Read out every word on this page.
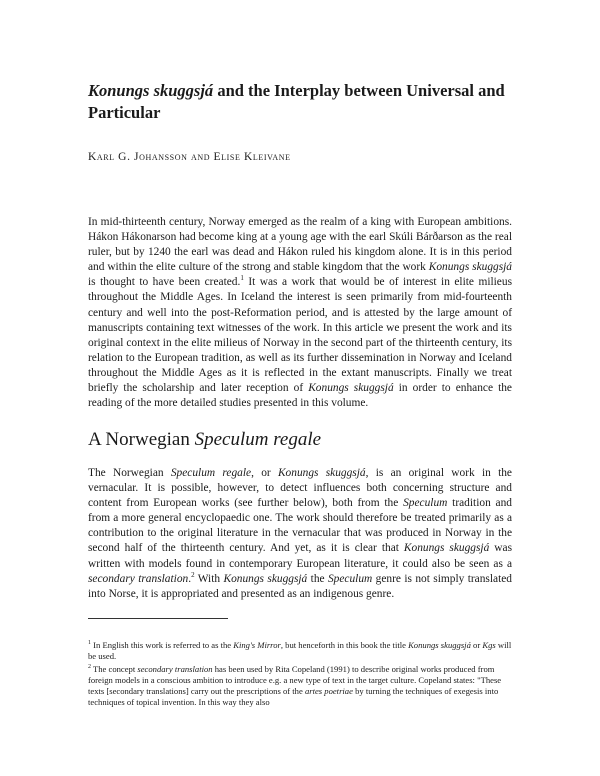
Konungs skuggsjá and the Interplay between Universal and Particular

Karl G. Johansson and Elise Kleivane

In mid-thirteenth century, Norway emerged as the realm of a king with European ambitions. Hákon Hákonarson had become king at a young age with the earl Skúli Bárðarson as the real ruler, but by 1240 the earl was dead and Hákon ruled his kingdom alone. It is in this period and within the elite culture of the strong and stable kingdom that the work Konungs skuggsjá is thought to have been created.$^1$ It was a work that would be of interest in elite milieus throughout the Middle Ages. In Iceland the interest is seen primarily from mid-fourteenth century and well into the post-Reformation period, and is attested by the large amount of manuscripts containing text witnesses of the work. In this article we present the work and its original context in the elite milieus of Norway in the second part of the thirteenth century, its relation to the European tradition, as well as its further dissemination in Norway and Iceland throughout the Middle Ages as it is reflected in the extant manuscripts. Finally we treat briefly the scholarship and later reception of Konungs skuggsjá in order to enhance the reading of the more detailed studies presented in this volume.

A Norwegian Speculum regale

The Norwegian Speculum regale, or Konungs skuggsjá, is an original work in the vernacular. It is possible, however, to detect influences both concerning structure and content from European works (see further below), both from the Speculum tradition and from a more general encyclopaedic one. The work should therefore be treated primarily as a contribution to the original literature in the vernacular that was produced in Norway in the second half of the thirteenth century. And yet, as it is clear that Konungs skuggsjá was written with models found in contemporary European literature, it could also be seen as a secondary translation.$^2$ With Konungs skuggsjá the Speculum genre is not simply translated into Norse, it is appropriated and presented as an indigenous genre.

$^1$ In English this work is referred to as the King's Mirror, but henceforth in this book the title Konungs skuggsjá or Kgs will be used.

$^2$ The concept secondary translation has been used by Rita Copeland (1991) to describe original works produced from foreign models in a conscious ambition to introduce e.g. a new type of text in the target culture. Copeland states: "These texts [secondary translations] carry out the prescriptions of the artes poetriae by turning the techniques of exegesis into techniques of topical invention. In this way they also
